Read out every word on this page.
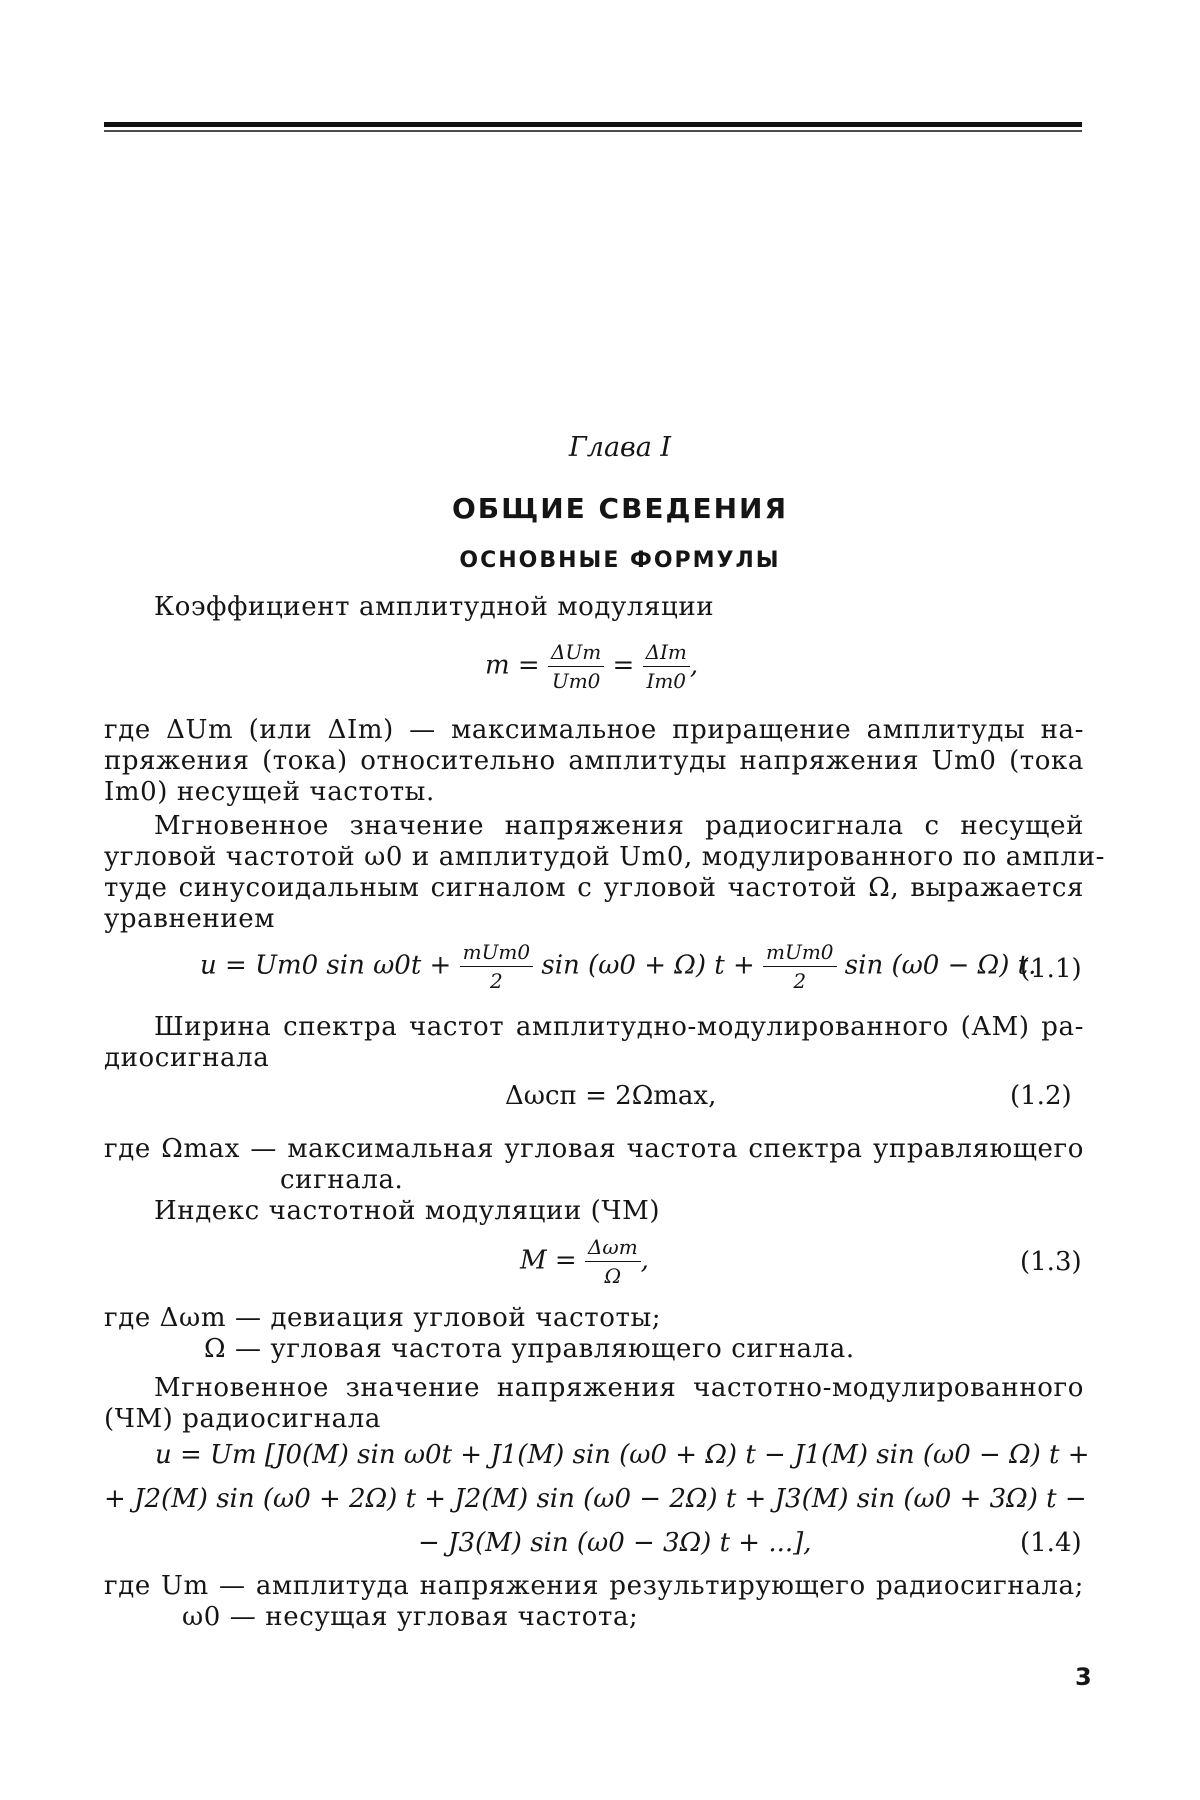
Глава I
ОБЩИЕ СВЕДЕНИЯ
ОСНОВНЫЕ ФОРМУЛЫ
Коэффициент амплитудной модуляции
$m = \frac{\text{ΔUm}}{Um0} = \frac{\text{ΔIm}}{Im0}$ ,
где ΔUm (или ΔIm) — максимальное приращение амплитуды на-
пряжения (тока) относительно амплитуды напряжения Um0 (тока
Im0) несущей частоты.
Мгновенное значение напряжения радиосигнала с несущей
угловой частотой ω0 и амплитудой Um0, модулированного по ампли-
туде синусоидальным сигналом с угловой частотой Ω, выражается
уравнением
u = Um0 $\sin \omega 0t + \frac{\text{mUm0}}{2}$ sin (ω0 + Ω) $t + \frac{\text{mUm0}}{2}$ sin (ω0 − Ω) t.
(1.1)
Ширина спектра частот амплитудно-модулированного (АМ) ра-
диосигнала
Δωсп = 2Ωmax,	(1.2)
где Ωmax — максимальная угловая частота спектра управляющего
сигнала.
Индекс частотной модуляции (ЧМ)
$M = \frac{\text{Δωm}}{\Omega}$ ,	(1.3)
где Δωm — девиация угловой частоты;
Ω — угловая частота управляющего сигнала.
Мгновенное значение напряжения частотно-модулированного
(ЧМ) радиосигнала
u = Um [J0(M) sin ω0t + J1(M) sin (ω0 + Ω) t − J1(M) sin (ω0 − Ω) t +
+ J2(M) sin (ω0 + 2Ω) t + J2(M) sin (ω0 − 2Ω) t + J3(M) sin (ω0 + 3Ω) t −
− J3(M) sin (ω0 − 3Ω) t + ...],	(1.4)
где Um — амплитуда напряжения результирующего радиосигнала;
ω0 — несущая угловая частота;
3
